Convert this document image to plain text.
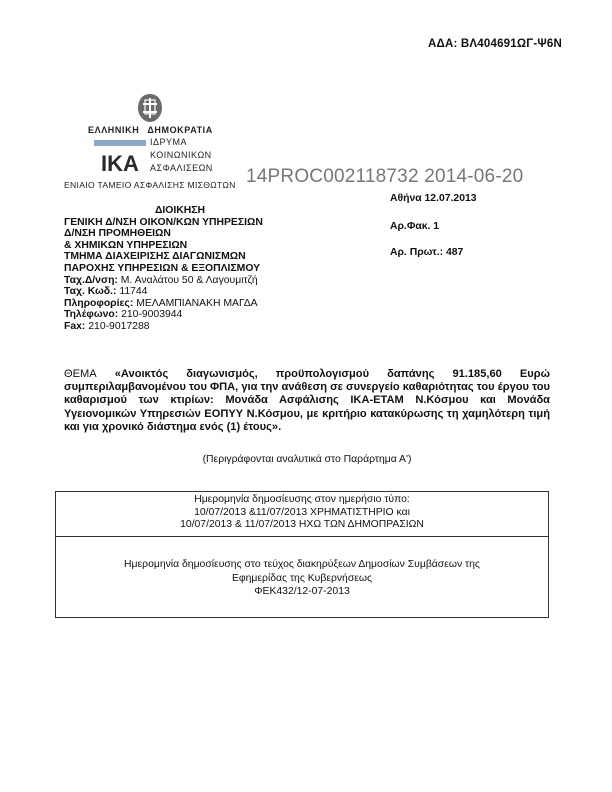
ΑΔΑ: ΒΛ404691ΩΓ-Ψ6Ν
ΕΛΛΗΝΙΚΗ ΔΗΜΟΚΡΑΤΙΑ
ΙΚΑ
ΙΔΡΥΜΑ
ΚΟΙΝΩΝΙΚΩΝ
ΑΣΦΑΛΙΣΕΩΝ
ΕΝΙΑΙΟ ΤΑΜΕΙΟ ΑΣΦΑΛΙΣΗΣ ΜΙΣΘΩΤΩΝ 14PROC002118732 2014-06-20
Αθήνα 12.07.2013
Αρ.Φακ. 1
Αρ. Πρωτ.: 487
ΔΙΟΙΚΗΣΗ
ΓΕΝΙΚΗ Δ/ΝΣΗ ΟΙΚΟΝ/ΚΩΝ ΥΠΗΡΕΣΙΩΝ
Δ/ΝΣΗ ΠΡΟΜΗΘΕΙΩΝ
& ΧΗΜΙΚΩΝ ΥΠΗΡΕΣΙΩΝ
ΤΜΗΜΑ ΔΙΑΧΕΙΡΙΣΗΣ ΔΙΑΓΩΝΙΣΜΩΝ
ΠΑΡΟΧΗΣ ΥΠΗΡΕΣΙΩΝ & ΕΞΟΠΛΙΣΜΟΥ
Ταχ.Δ/νση: Μ. Αναλάτου 50 & Λαγουμιτζή
Ταχ. Κωδ.: 11744
Πληροφορίες: ΜΕΛΑΜΠΙΑΝΑΚΗ ΜΑΓΔΑ
Τηλέφωνο: 210-9003944
Fax: 210-9017288
ΘΕΜΑ «Ανοικτός διαγωνισμός, προϋπολογισμού δαπάνης 91.185,60 Ευρώ συμπεριλαμβανομένου του ΦΠΑ, για την ανάθεση σε συνεργείο καθαριότητας του έργου του καθαρισμού των κτιρίων: Μονάδα Ασφάλισης ΙΚΑ-ΕΤΑΜ Ν.Κόσμου και Μονάδα Υγειονομικών Υπηρεσιών ΕΟΠΥΥ Ν.Κόσμου, με κριτήριο κατακύρωσης τη χαμηλότερη τιμή και για χρονικό διάστημα ενός (1) έτους».
(Περιγράφονται αναλυτικά στο Παράρτημα Α')
Ημερομηνία δημοσίευσης στον ημερήσιο τύπο:
10/07/2013 &11/07/2013 ΧΡΗΜΑΤΙΣΤΗΡΙΟ και
10/07/2013 & 11/07/2013 ΗΧΩ ΤΩΝ ΔΗΜΟΠΡΑΣΙΩΝ
Ημερομηνία δημοσίευσης στο τεύχος διακηρύξεων Δημοσίων Συμβάσεων της
Εφημερίδας της Κυβερνήσεως
ΦΕΚ432/12-07-2013
